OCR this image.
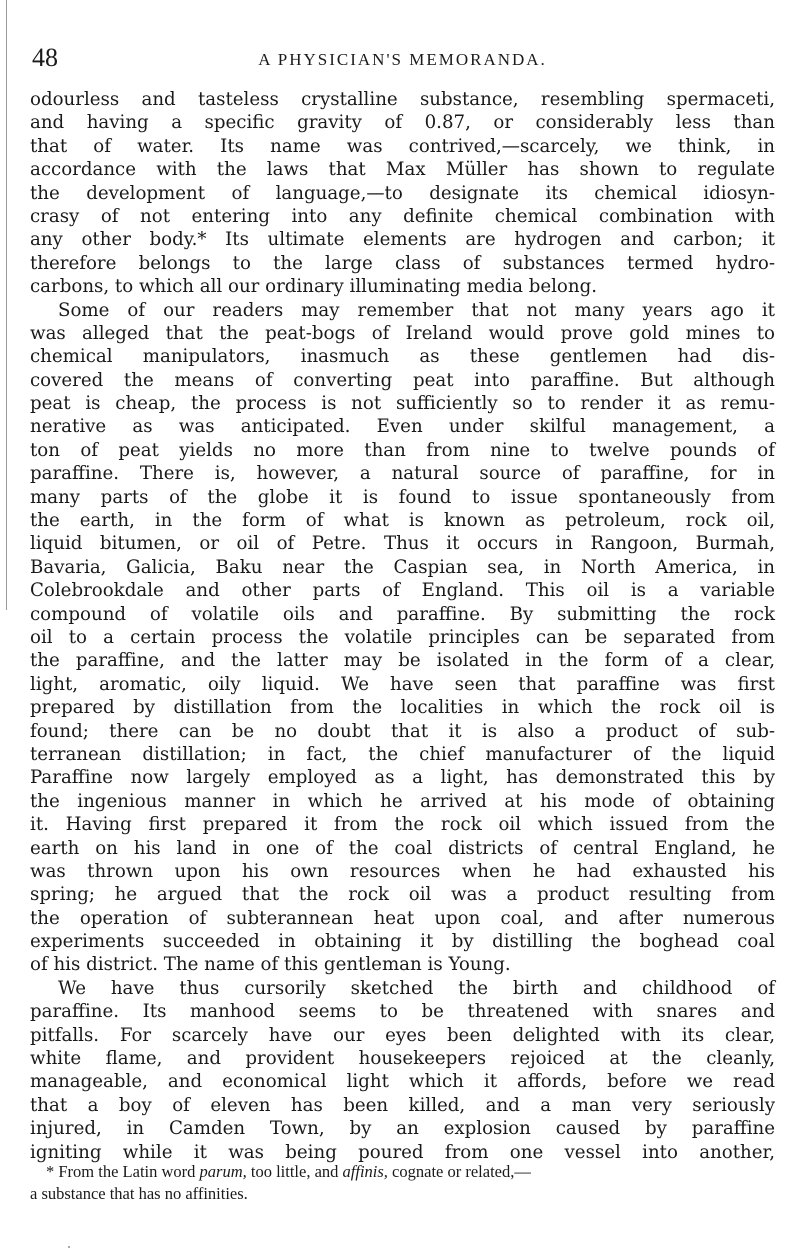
48	A PHYSICIAN'S MEMORANDA.
odourless and tasteless crystalline substance, resembling spermaceti,
and having a specific gravity of 0.87, or considerably less than
that of water. Its name was contrived,—scarcely, we think, in
accordance with the laws that Max Müller has shown to regulate
the development of language,—to designate its chemical idiosyn-
crasy of not entering into any definite chemical combination with
any other body.* Its ultimate elements are hydrogen and carbon; it
therefore belongs to the large class of substances termed hydro-
carbons, to which all our ordinary illuminating media belong.
Some of our readers may remember that not many years ago it
was alleged that the peat-bogs of Ireland would prove gold mines to
chemical manipulators, inasmuch as these gentlemen had dis-
covered the means of converting peat into paraffine. But although
peat is cheap, the process is not sufficiently so to render it as remu-
nerative as was anticipated. Even under skilful management, a
ton of peat yields no more than from nine to twelve pounds of
paraffine. There is, however, a natural source of paraffine, for in
many parts of the globe it is found to issue spontaneously from
the earth, in the form of what is known as petroleum, rock oil,
liquid bitumen, or oil of Petre. Thus it occurs in Rangoon, Burmah,
Bavaria, Galicia, Baku near the Caspian sea, in North America, in
Colebrookdale and other parts of England. This oil is a variable
compound of volatile oils and paraffine. By submitting the rock
oil to a certain process the volatile principles can be separated from
the paraffine, and the latter may be isolated in the form of a clear,
light, aromatic, oily liquid. We have seen that paraffine was first
prepared by distillation from the localities in which the rock oil is
found; there can be no doubt that it is also a product of sub-
terranean distillation; in fact, the chief manufacturer of the liquid
Paraffine now largely employed as a light, has demonstrated this by
the ingenious manner in which he arrived at his mode of obtaining
it. Having first prepared it from the rock oil which issued from the
earth on his land in one of the coal districts of central England, he
was thrown upon his own resources when he had exhausted his
spring; he argued that the rock oil was a product resulting from
the operation of subterannean heat upon coal, and after numerous
experiments succeeded in obtaining it by distilling the boghead coal
of his district. The name of this gentleman is Young.
We have thus cursorily sketched the birth and childhood of
paraffine. Its manhood seems to be threatened with snares and
pitfalls. For scarcely have our eyes been delighted with its clear,
white flame, and provident housekeepers rejoiced at the cleanly,
manageable, and economical light which it affords, before we read
that a boy of eleven has been killed, and a man very seriously
injured, in Camden Town, by an explosion caused by paraffine
igniting while it was being poured from one vessel into another,
* From the Latin word parum, too little, and affinis, cognate or related,—
a substance that has no affinities.
